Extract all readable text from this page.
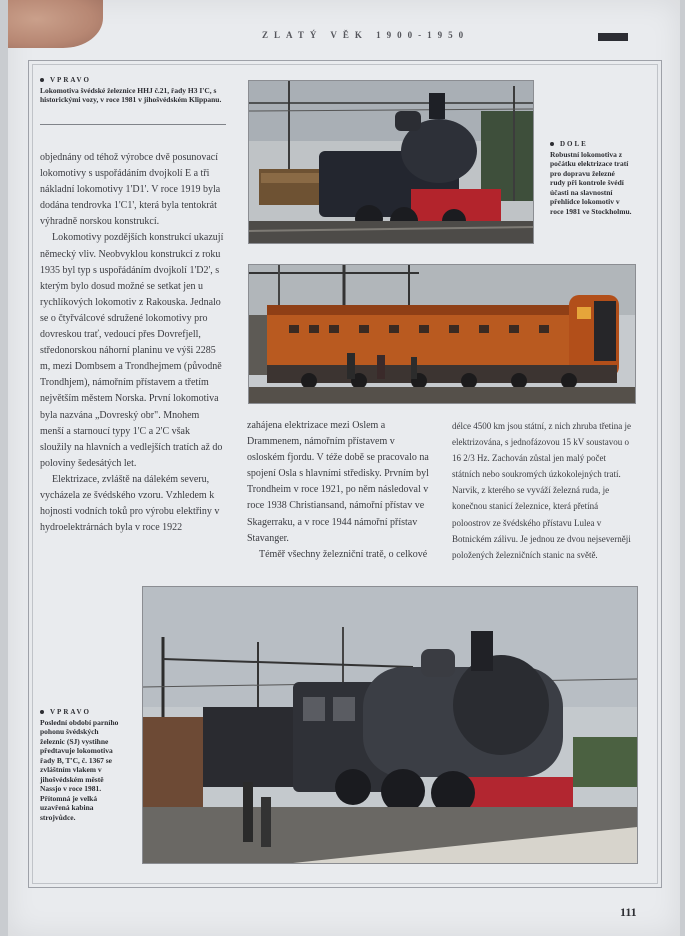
ZLATÝ VĚK 1900-1950
VPRAVO
Lokomotiva švédské železnice HHJ č.21, řady H3 I'C, s historickými vozy, v roce 1981 v jihošvédském Klippanu.
DOLE
Robustní lokomotiva z počátku elektrizace tratí pro dopravu železné rudy při kontrole švédí účasti na slavnostní přehlídce lokomotiv v roce 1981 ve Stockholmu.

objednány od téhož výrobce dvě posunovací lokomotivy s uspořádáním dvojkolí E a tři nákladní lokomotivy 1'D1'. V roce 1919 byla dodána tendrovka 1'C1', která byla tentokrát výhradně norskou konstrukcí.

Lokomotivy pozdějších konstrukcí ukazují německý vliv. Neobvyklou konstrukcí z roku 1935 byl typ s uspořádáním dvojkolí 1'D2', s kterým bylo dosud možné se setkat jen u rychlíkových lokomotiv z Rakouska. Jednalo se o čtyřválcové sdružené lokomotivy pro dovreskou trať, vedoucí přes Dovrefjell, středonorskou náhorní planinu ve výši 2285 m, mezi Dombsem a Trondhejmem (původně Trondhjem), námořním přístavem a třetím největším městem Norska. První lokomotiva byla nazvána „Dovreský obr". Mnohem menší a starnoucí typy 1'C a 2'C však sloužily na hlavních a vedlejších tratích až do poloviny šedesátých let.

Elektrizace, zvláště na dálekém severu, vycházela ze švédského vzoru. Vzhledem k hojnosti vodních toků pro výrobu elektřiny v hydroelektrárnách byla v roce 1922

zahájena elektrizace mezi Oslem a Drammenem, námořním přístavem v osloském fjordu. V téže době se pracovalo na spojení Osla s hlavními středisky. Prvním byl Trondheim v roce 1921, po něm následoval v roce 1938 Christiansand, námořní přístav ve Skagerraku, a v roce 1944 námořní přístav Stavanger.

Téměř všechny železniční tratě, o celkové

délce 4500 km jsou státní, z nich zhruba třetina je elektrizována, s jednofázovou 15 kV soustavou o 16 2/3 Hz. Zachován zůstal jen malý počet státních nebo soukromých úzkokolejných tratí. Narvik, z kterého se vyváží železná ruda, je konečnou stanicí železnice, která přetíná poloostrov ze švédského přístavu Lulea v Botnickém zálivu. Je jednou ze dvou nejseverněji položených železničních stanic na světě.

VPRAVO
Poslední období parního pohonu švédských železnic (SJ) vystihne předtavuje lokomotiva řady B, T'C, č. 1367 se zvláštním vlakem v jihošvédském městě Nassjo v roce 1981. Přítomná je velká uzavřená kabina strojvůdce.
111
